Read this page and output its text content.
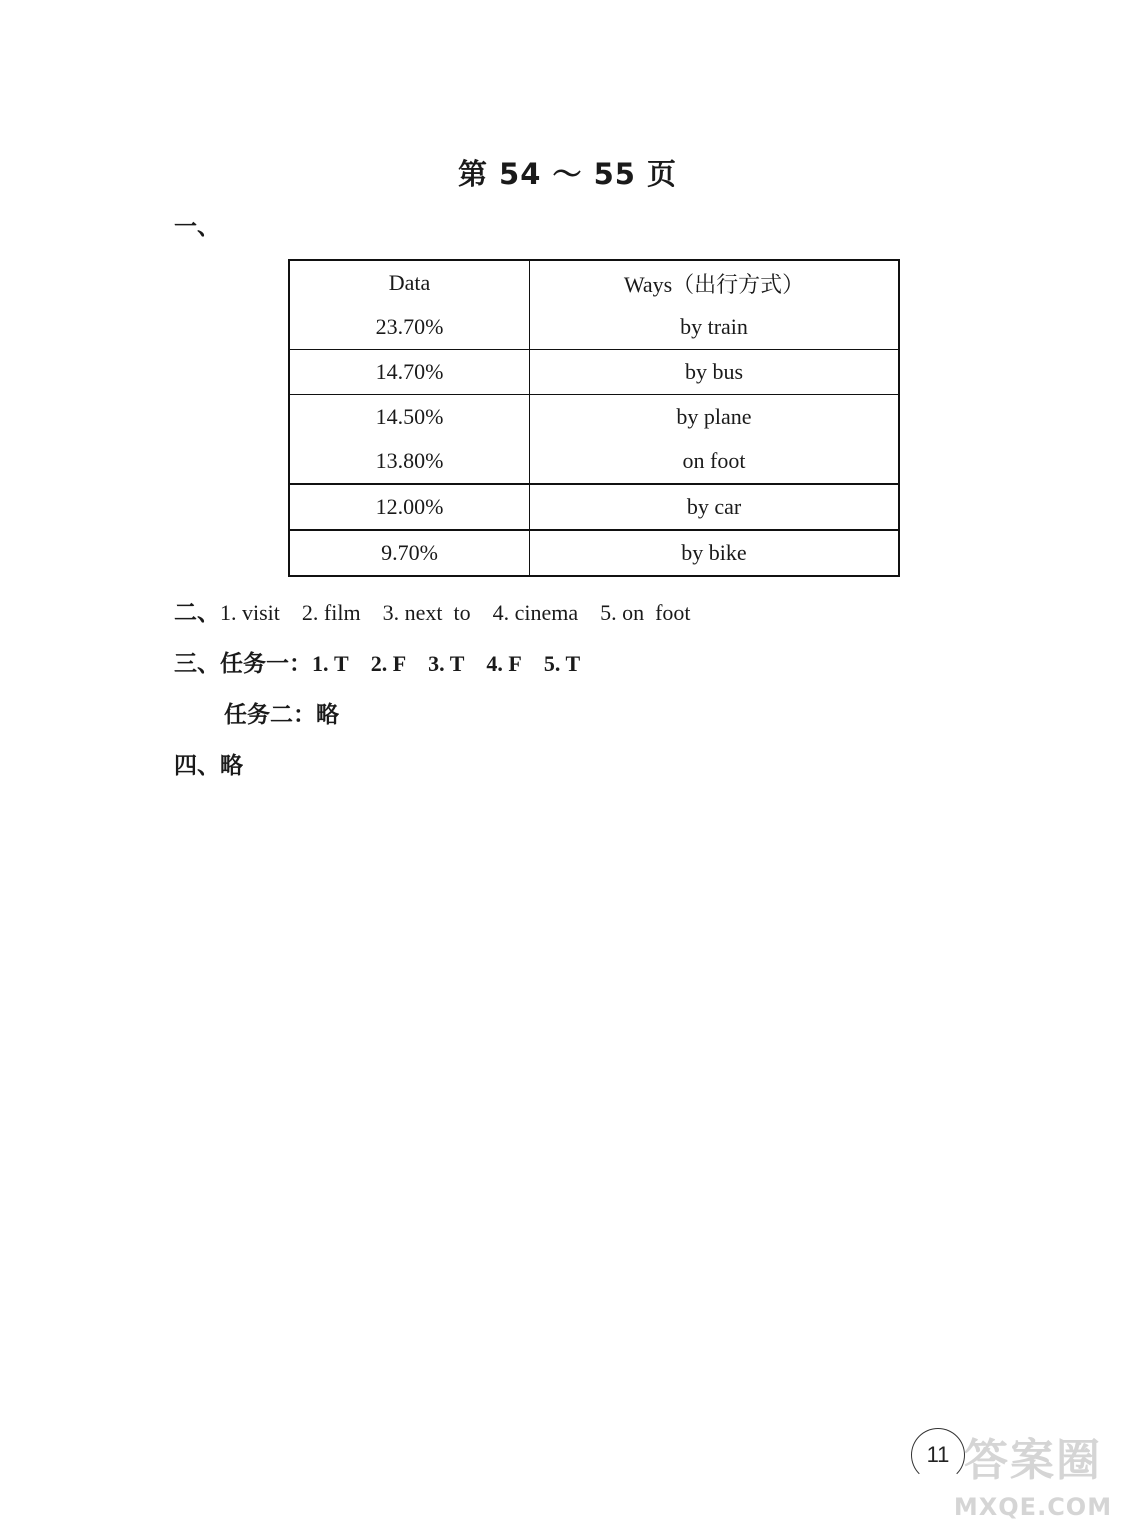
第 54 ～ 55 页
一、
Data	Ways（出行方式）
23.70%	by train
14.70%	by bus
14.50%	by plane
13.80%	on foot
12.00%	by car
9.70%	by bike
二、1. visit 2. film 3. next  to 4. cinema 5. on  foot
三、任务一：1. T 2. F 3. T 4. F 5. T
任务二：略
四、略
11 答案圈
MXQE.COM
